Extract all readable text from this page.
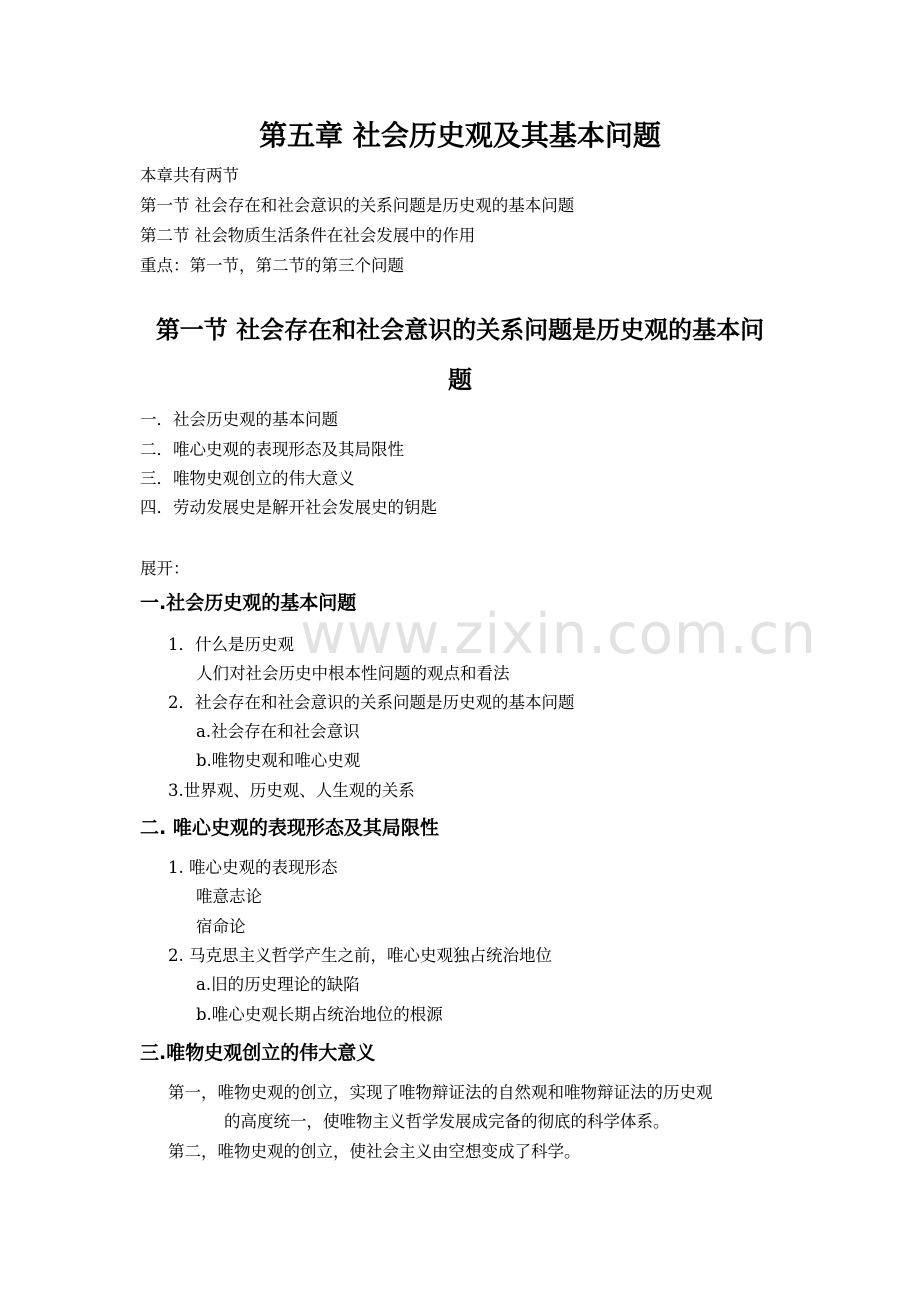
www.zixin.com.cn
第五章 社会历史观及其基本问题
本章共有两节
第一节 社会存在和社会意识的关系问题是历史观的基本问题
第二节 社会物质生活条件在社会发展中的作用
重点：第一节，第二节的第三个问题
第一节 社会存在和社会意识的关系问题是历史观的基本问
题
一．社会历史观的基本问题
二．唯心史观的表现形态及其局限性
三．唯物史观创立的伟大意义
四．劳动发展史是解开社会发展史的钥匙
展开：
一.社会历史观的基本问题
1．什么是历史观
人们对社会历史中根本性问题的观点和看法
2．社会存在和社会意识的关系问题是历史观的基本问题
a.社会存在和社会意识
b.唯物史观和唯心史观
3.世界观、历史观、人生观的关系
二. 唯心史观的表现形态及其局限性
1. 唯心史观的表现形态
唯意志论
宿命论
2. 马克思主义哲学产生之前，唯心史观独占统治地位
a.旧的历史理论的缺陷
b.唯心史观长期占统治地位的根源
三.唯物史观创立的伟大意义
第一，唯物史观的创立，实现了唯物辩证法的自然观和唯物辩证法的历史观
的高度统一，使唯物主义哲学发展成完备的彻底的科学体系。
第二，唯物史观的创立，使社会主义由空想变成了科学。
